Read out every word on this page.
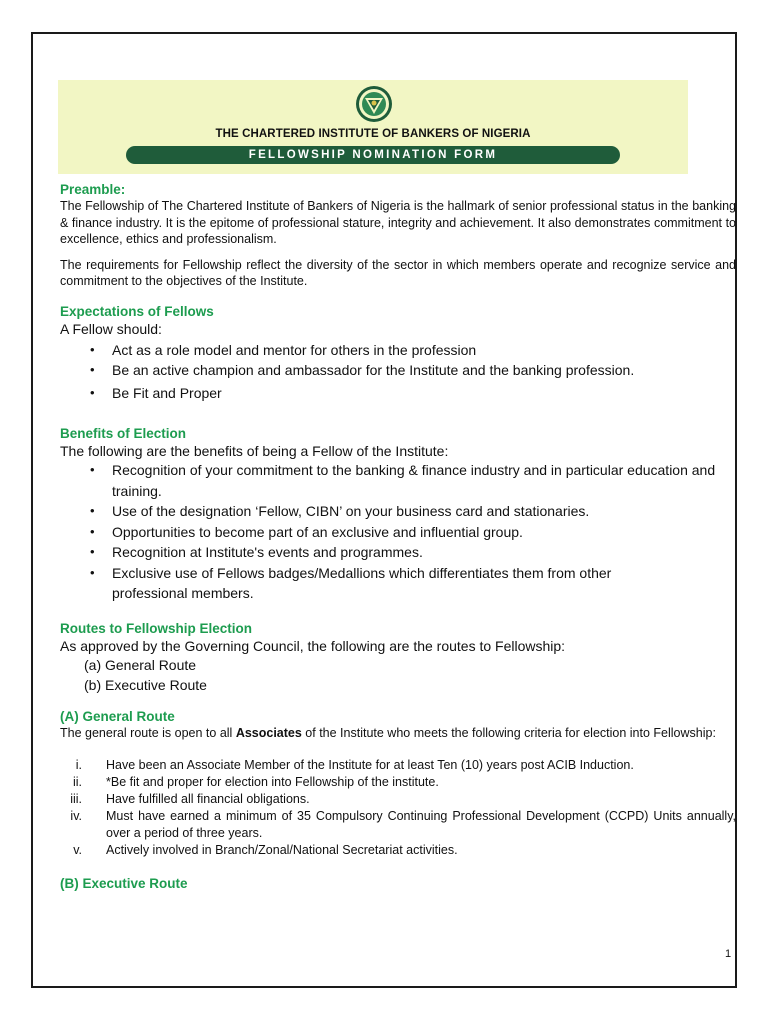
THE CHARTERED INSTITUTE OF BANKERS OF NIGERIA
FELLOWSHIP NOMINATION FORM

Preamble:

The Fellowship of The Chartered Institute of Bankers of Nigeria is the hallmark of senior professional status in the banking & finance industry. It is the epitome of professional stature, integrity and achievement. It also demonstrates commitment to excellence, ethics and professionalism.

The requirements for Fellowship reflect the diversity of the sector in which members operate and recognize service and commitment to the objectives of the Institute.

Expectations of Fellows

A Fellow should:

• Act as a role model and mentor for others in the profession
• Be an active champion and ambassador for the Institute and the banking profession.
• Be Fit and Proper

Benefits of Election

The following are the benefits of being a Fellow of the Institute:

• Recognition of your commitment to the banking & finance industry and in particular education and training.
• Use of the designation ‘Fellow, CIBN’ on your business card and stationaries.
• Opportunities to become part of an exclusive and influential group.
• Recognition at Institute's events and programmes.
• Exclusive use of Fellows badges/Medallions which differentiates them from other professional members.

Routes to Fellowship Election

As approved by the Governing Council, the following are the routes to Fellowship:

(a) General Route
(b) Executive Route

(A) General Route

The general route is open to all Associates of the Institute who meets the following criteria for election into Fellowship:

i. Have been an Associate Member of the Institute for at least Ten (10) years post ACIB Induction.
ii. *Be fit and proper for election into Fellowship of the institute.
iii. Have fulfilled all financial obligations.
iv. Must have earned a minimum of 35 Compulsory Continuing Professional Development (CCPD) Units annually, over a period of three years.
v. Actively involved in Branch/Zonal/National Secretariat activities.

(B) Executive Route

1
